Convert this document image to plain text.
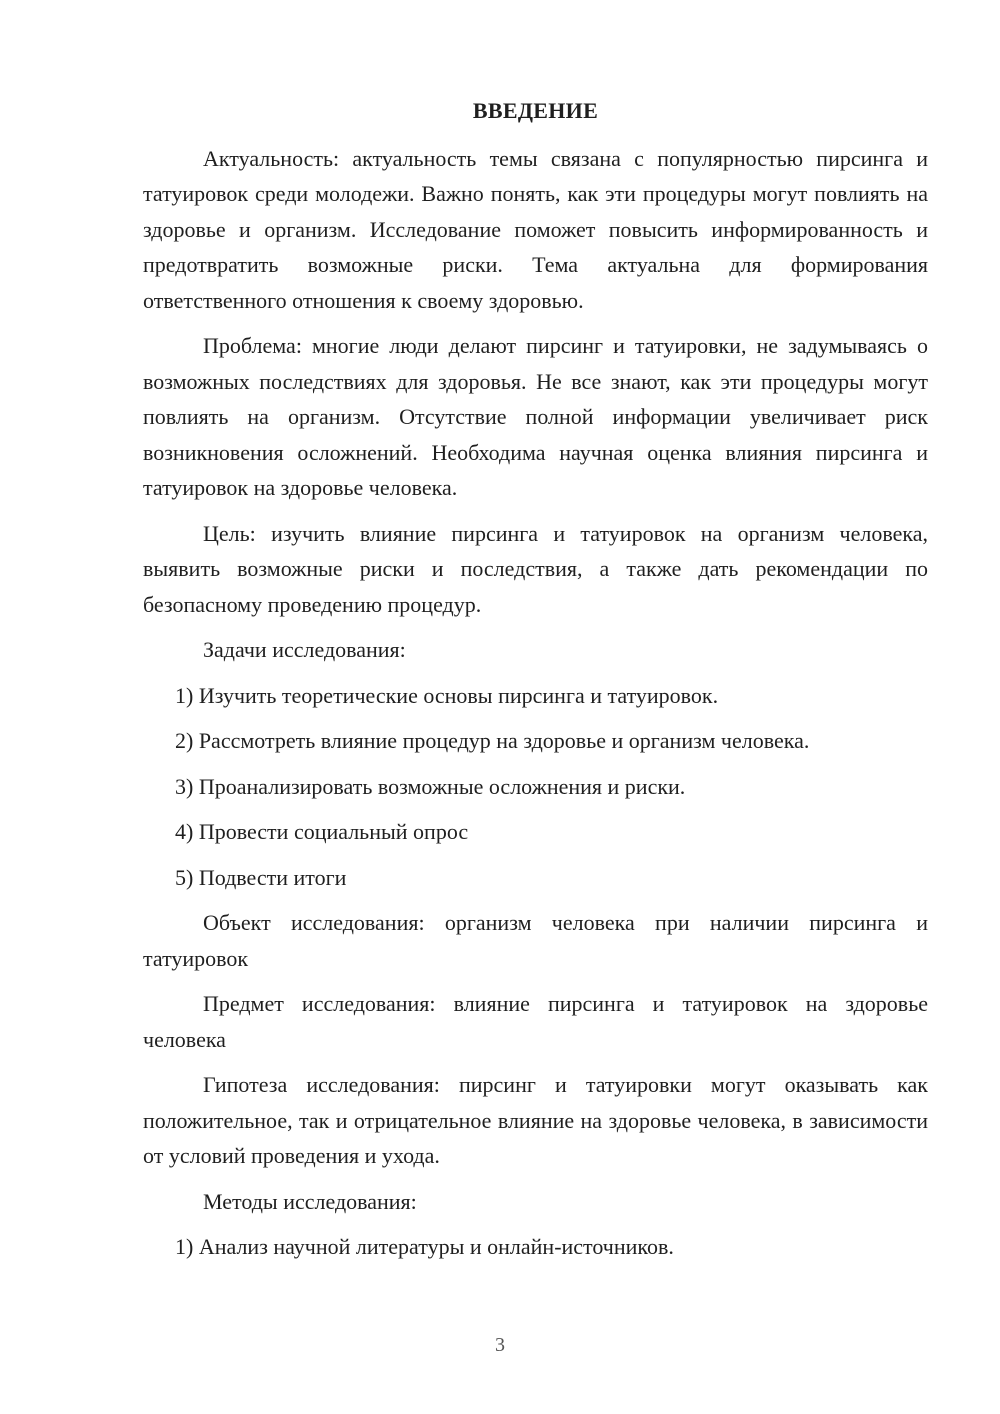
ВВЕДЕНИЕ

Актуальность: актуальность темы связана с популярностью пирсинга и татуировок среди молодежи. Важно понять, как эти процедуры могут повлиять на здоровье и организм. Исследование поможет повысить информированность и предотвратить возможные риски. Тема актуальна для формирования ответственного отношения к своему здоровью.

Проблема: многие люди делают пирсинг и татуировки, не задумываясь о возможных последствиях для здоровья. Не все знают, как эти процедуры могут повлиять на организм. Отсутствие полной информации увеличивает риск возникновения осложнений. Необходима научная оценка влияния пирсинга и татуировок на здоровье человека.

Цель: изучить влияние пирсинга и татуировок на организм человека, выявить возможные риски и последствия, а также дать рекомендации по безопасному проведению процедур.

Задачи исследования:

1) Изучить теоретические основы пирсинга и татуировок.
2) Рассмотреть влияние процедур на здоровье и организм человека.
3) Проанализировать возможные осложнения и риски.
4) Провести социальный опрос
5) Подвести итоги

Объект исследования: организм человека при наличии пирсинга и татуировок

Предмет исследования: влияние пирсинга и татуировок на здоровье человека

Гипотеза исследования: пирсинг и татуировки могут оказывать как положительное, так и отрицательное влияние на здоровье человека, в зависимости от условий проведения и ухода.

Методы исследования:

1) Анализ научной литературы и онлайн-источников.
3
